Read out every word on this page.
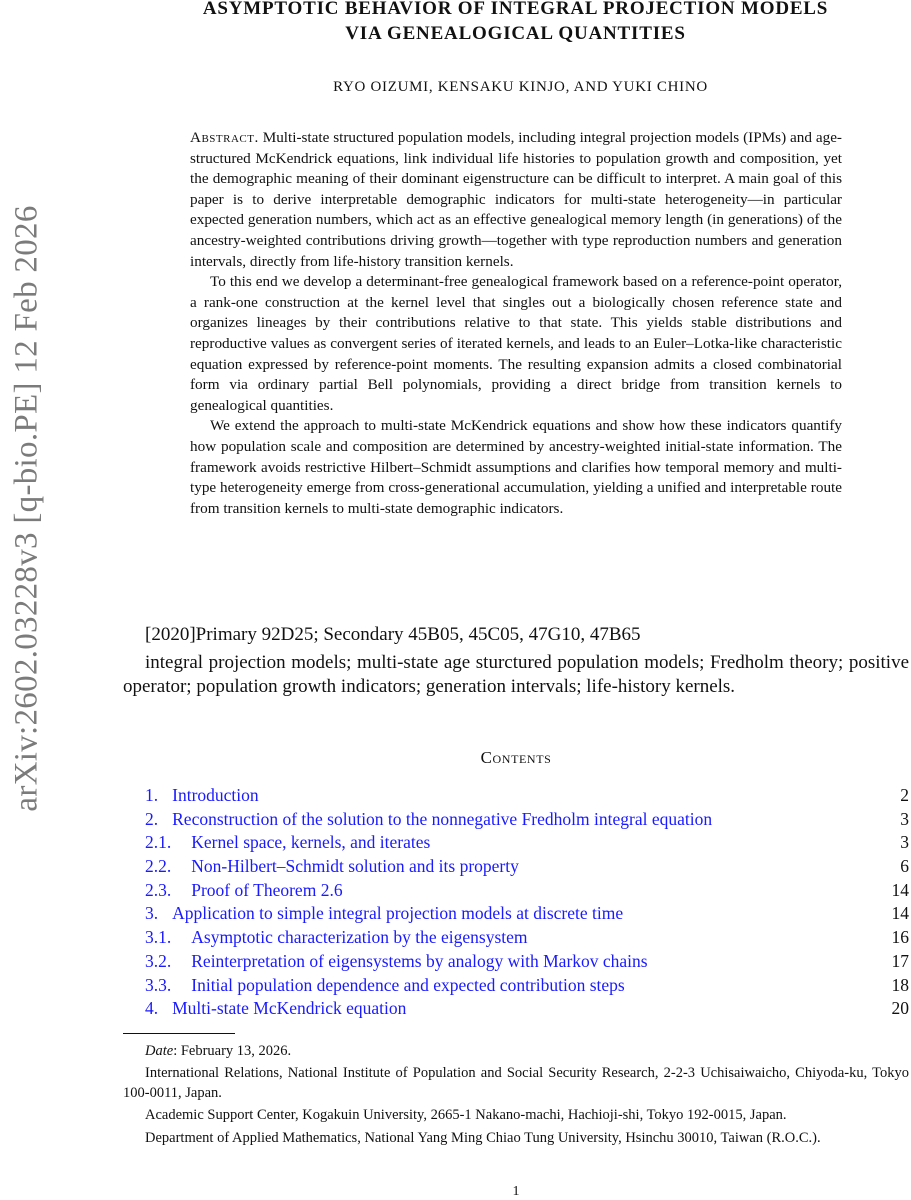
arXiv:2602.03228v3 [q-bio.PE] 12 Feb 2026
ASYMPTOTIC BEHAVIOR OF INTEGRAL PROJECTION MODELS
VIA GENEALOGICAL QUANTITIES
RYO OIZUMI, KENSAKU KINJO, AND YUKI CHINO

Abstract. Multi-state structured population models, including integral projection models (IPMs) and age-structured McKendrick equations, link individual life histories to population growth and composition, yet the demographic meaning of their dominant eigenstructure can be difficult to interpret. A main goal of this paper is to derive interpretable demographic indicators for multi-state heterogeneity—in particular expected generation numbers, which act as an effective genealogical memory length (in generations) of the ancestry-weighted contributions driving growth—together with type reproduction numbers and generation intervals, directly from life-history transition kernels.

To this end we develop a determinant-free genealogical framework based on a reference-point operator, a rank-one construction at the kernel level that singles out a biologically chosen reference state and organizes lineages by their contributions relative to that state. This yields stable distributions and reproductive values as convergent series of iterated kernels, and leads to an Euler–Lotka-like characteristic equation expressed by reference-point moments. The resulting expansion admits a closed combinatorial form via ordinary partial Bell polynomials, providing a direct bridge from transition kernels to genealogical quantities.

We extend the approach to multi-state McKendrick equations and show how these indicators quantify how population scale and composition are determined by ancestry-weighted initial-state information. The framework avoids restrictive Hilbert–Schmidt assumptions and clarifies how temporal memory and multi-type heterogeneity emerge from cross-generational accumulation, yielding a unified and interpretable route from transition kernels to multi-state demographic indicators.

[2020]Primary 92D25; Secondary 45B05, 45C05, 47G10, 47B65
integral projection models; multi-state age sturctured population models; Fredholm theory; positive operator; population growth indicators; generation intervals; life-history kernels.
Contents
1. Introduction	2
2. Reconstruction of the solution to the nonnegative Fredholm integral equation	3
2.1. Kernel space, kernels, and iterates	3
2.2. Non-Hilbert–Schmidt solution and its property	6
2.3. Proof of Theorem 2.6	14
3. Application to simple integral projection models at discrete time	14
3.1. Asymptotic characterization by the eigensystem	16
3.2. Reinterpretation of eigensystems by analogy with Markov chains	17
3.3. Initial population dependence and expected contribution steps	18
4. Multi-state McKendrick equation	20

Date: February 13, 2026.

International Relations, National Institute of Population and Social Security Research, 2-2-3 Uchisaiwaicho, Chiyoda-ku, Tokyo 100-0011, Japan.

Academic Support Center, Kogakuin University, 2665-1 Nakano-machi, Hachioji-shi, Tokyo 192-0015, Japan.

Department of Applied Mathematics, National Yang Ming Chiao Tung University, Hsinchu 30010, Taiwan (R.O.C.).

1
